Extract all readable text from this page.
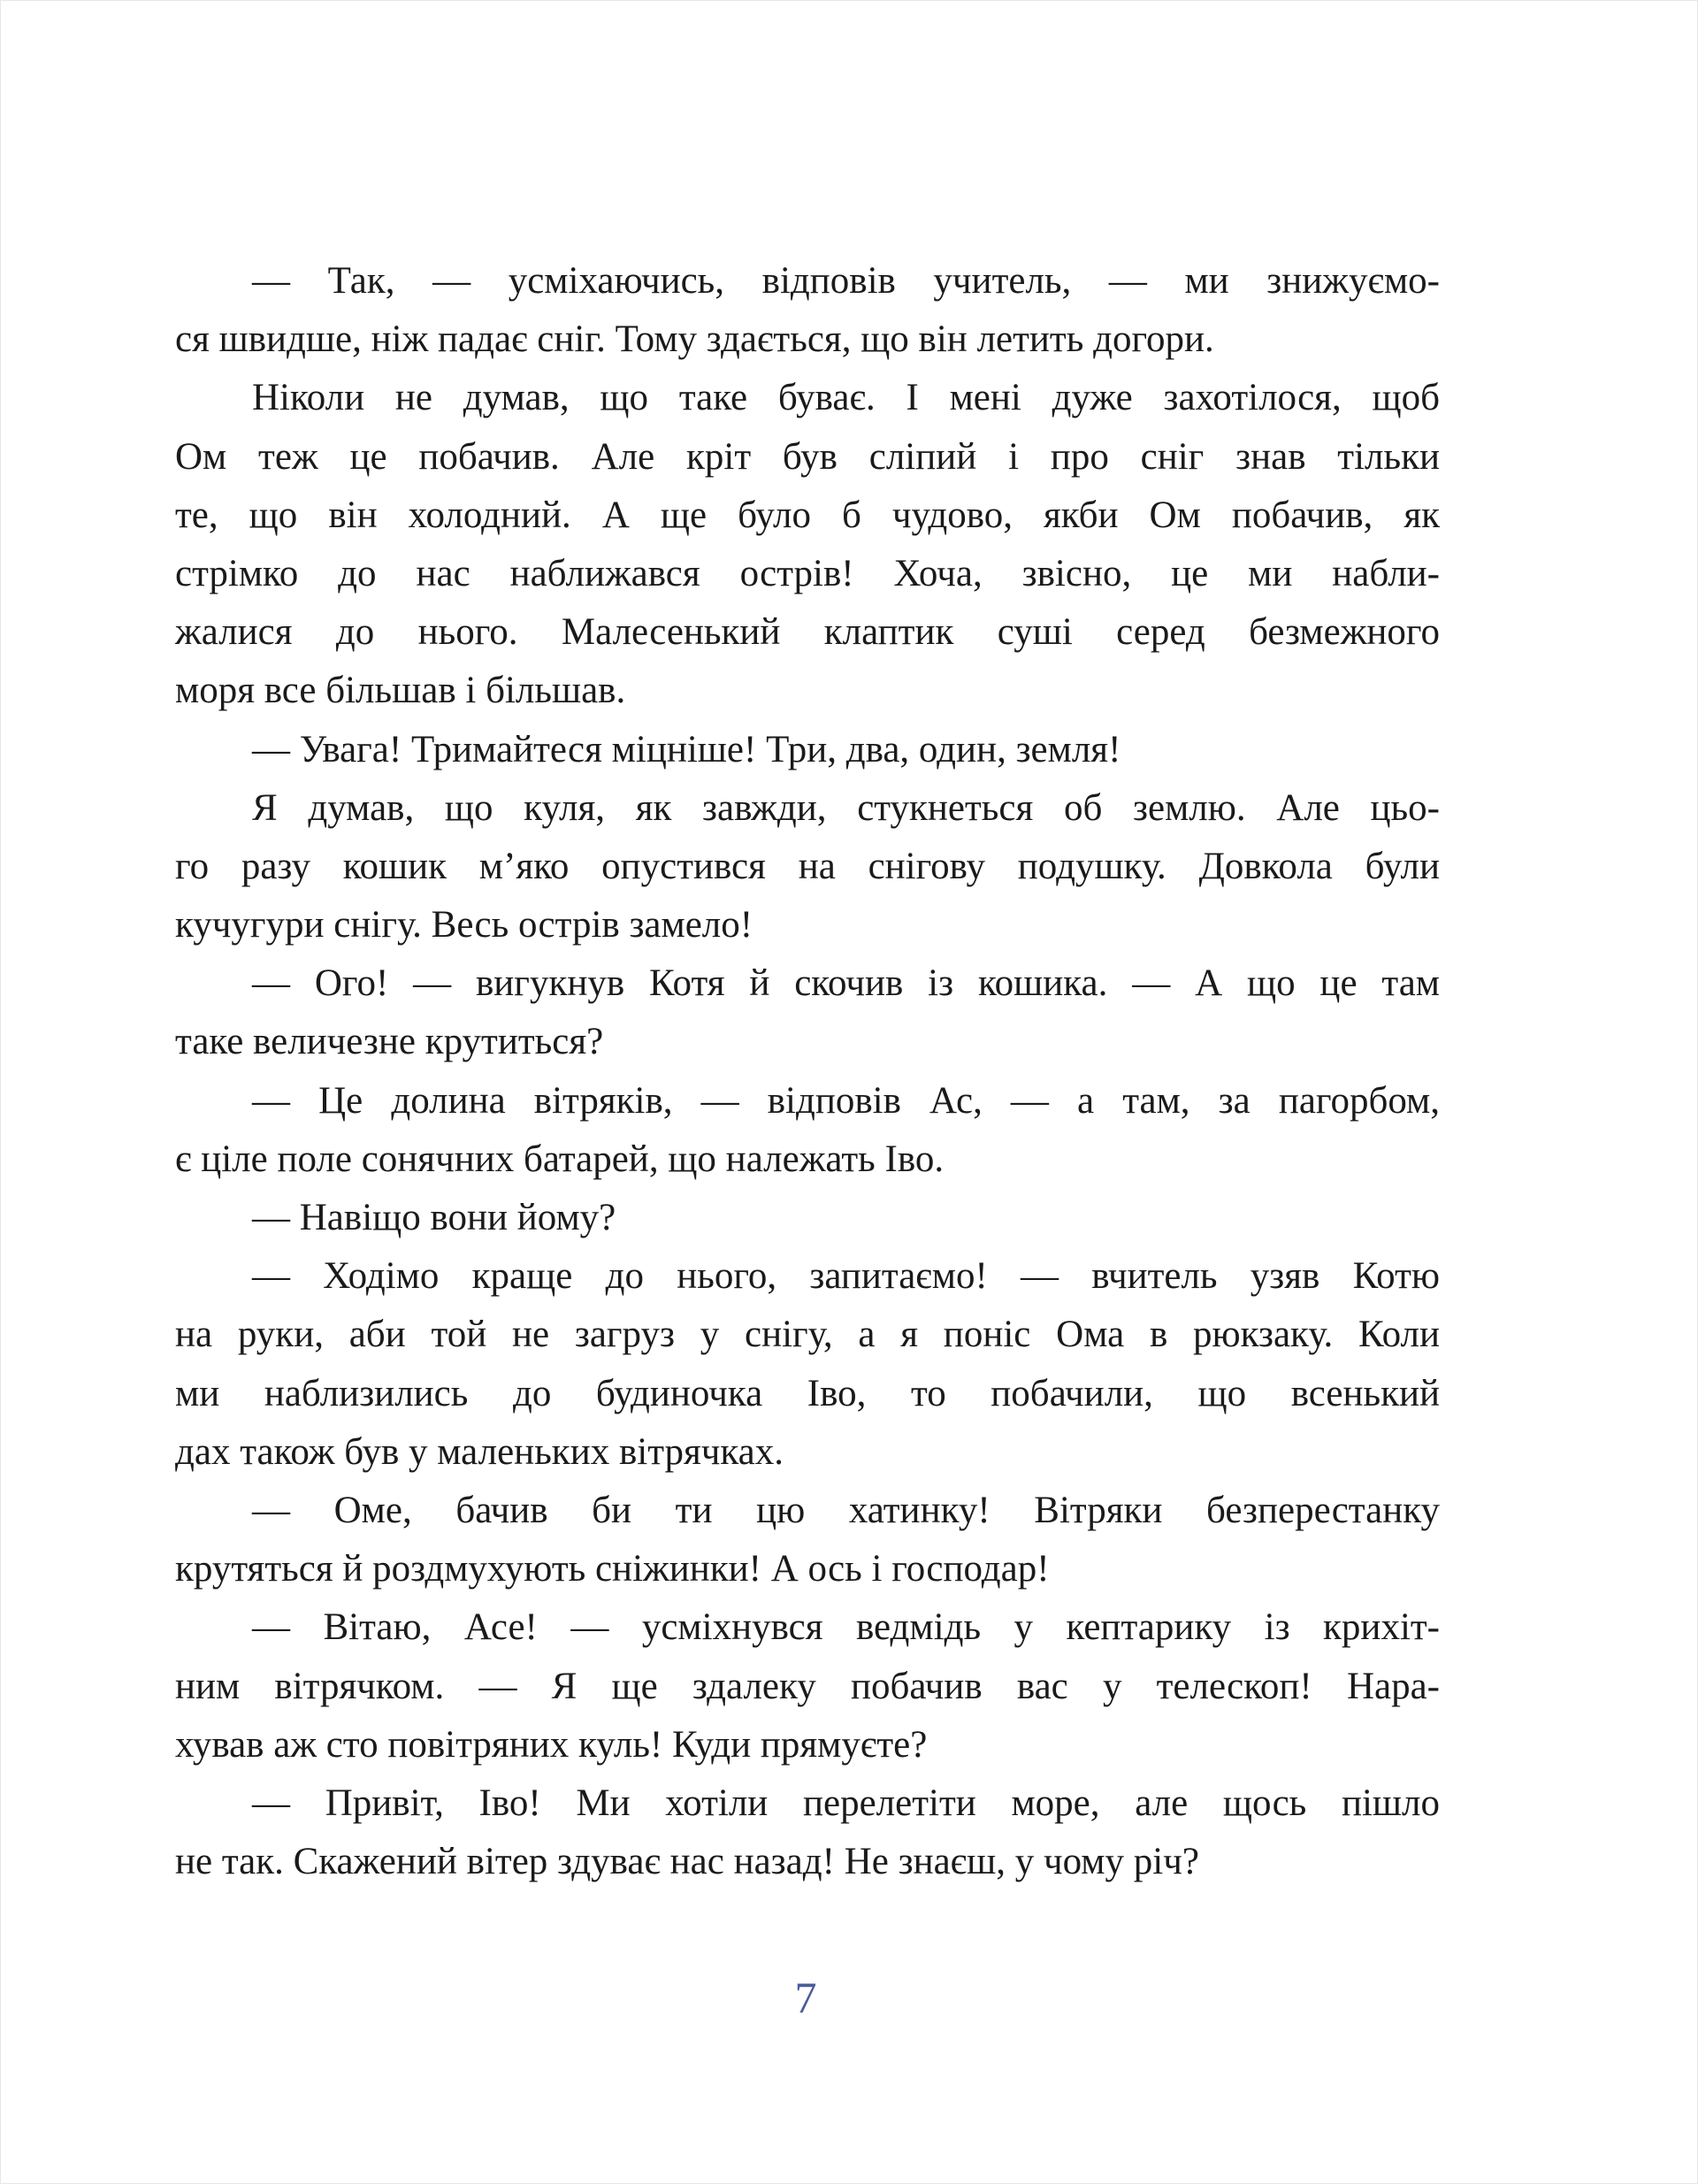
— Так, — усміхаючись, відповів учитель, — ми знижуємо-
ся швидше, ніж падає сніг. Тому здається, що він летить догори.
Ніколи не думав, що таке буває. І мені дуже захотілося, щоб
Ом теж це побачив. Але кріт був сліпий і про сніг знав тільки
те, що він холодний. А ще було б чудово, якби Ом побачив, як
стрімко до нас наближався острів! Хоча, звісно, це ми набли-
жалися до нього. Малесенький клаптик суші серед безмежного
моря все більшав і більшав.
— Увага! Тримайтеся міцніше! Три, два, один, земля!
Я думав, що куля, як завжди, стукнеться об землю. Але цьо-
го разу кошик м’яко опустився на снігову подушку. Довкола були
кучугури снігу. Весь острів замело!
— Ого! — вигукнув Котя й скочив із кошика. — А що це там
таке величезне крутиться?
— Це долина вітряків, — відповів Ас, — а там, за пагорбом,
є ціле поле сонячних батарей, що належать Іво.
— Навіщо вони йому?
— Ходімо краще до нього, запитаємо! — вчитель узяв Котю
на руки, аби той не загруз у снігу, а я поніс Ома в рюкзаку. Коли
ми наблизились до будиночка Іво, то побачили, що всенький
дах також був у маленьких вітрячках.
— Оме, бачив би ти цю хатинку! Вітряки безперестанку
крутяться й роздмухують сніжинки! А ось і господар!
— Вітаю, Асе! — усміхнувся ведмідь у кептарику із крихіт-
ним вітрячком. — Я ще здалеку побачив вас у телескоп! Нара-
хував аж сто повітряних куль! Куди прямуєте?
— Привіт, Іво! Ми хотіли перелетіти море, але щось пішло
не так. Скажений вітер здуває нас назад! Не знаєш, у чому річ?
7
